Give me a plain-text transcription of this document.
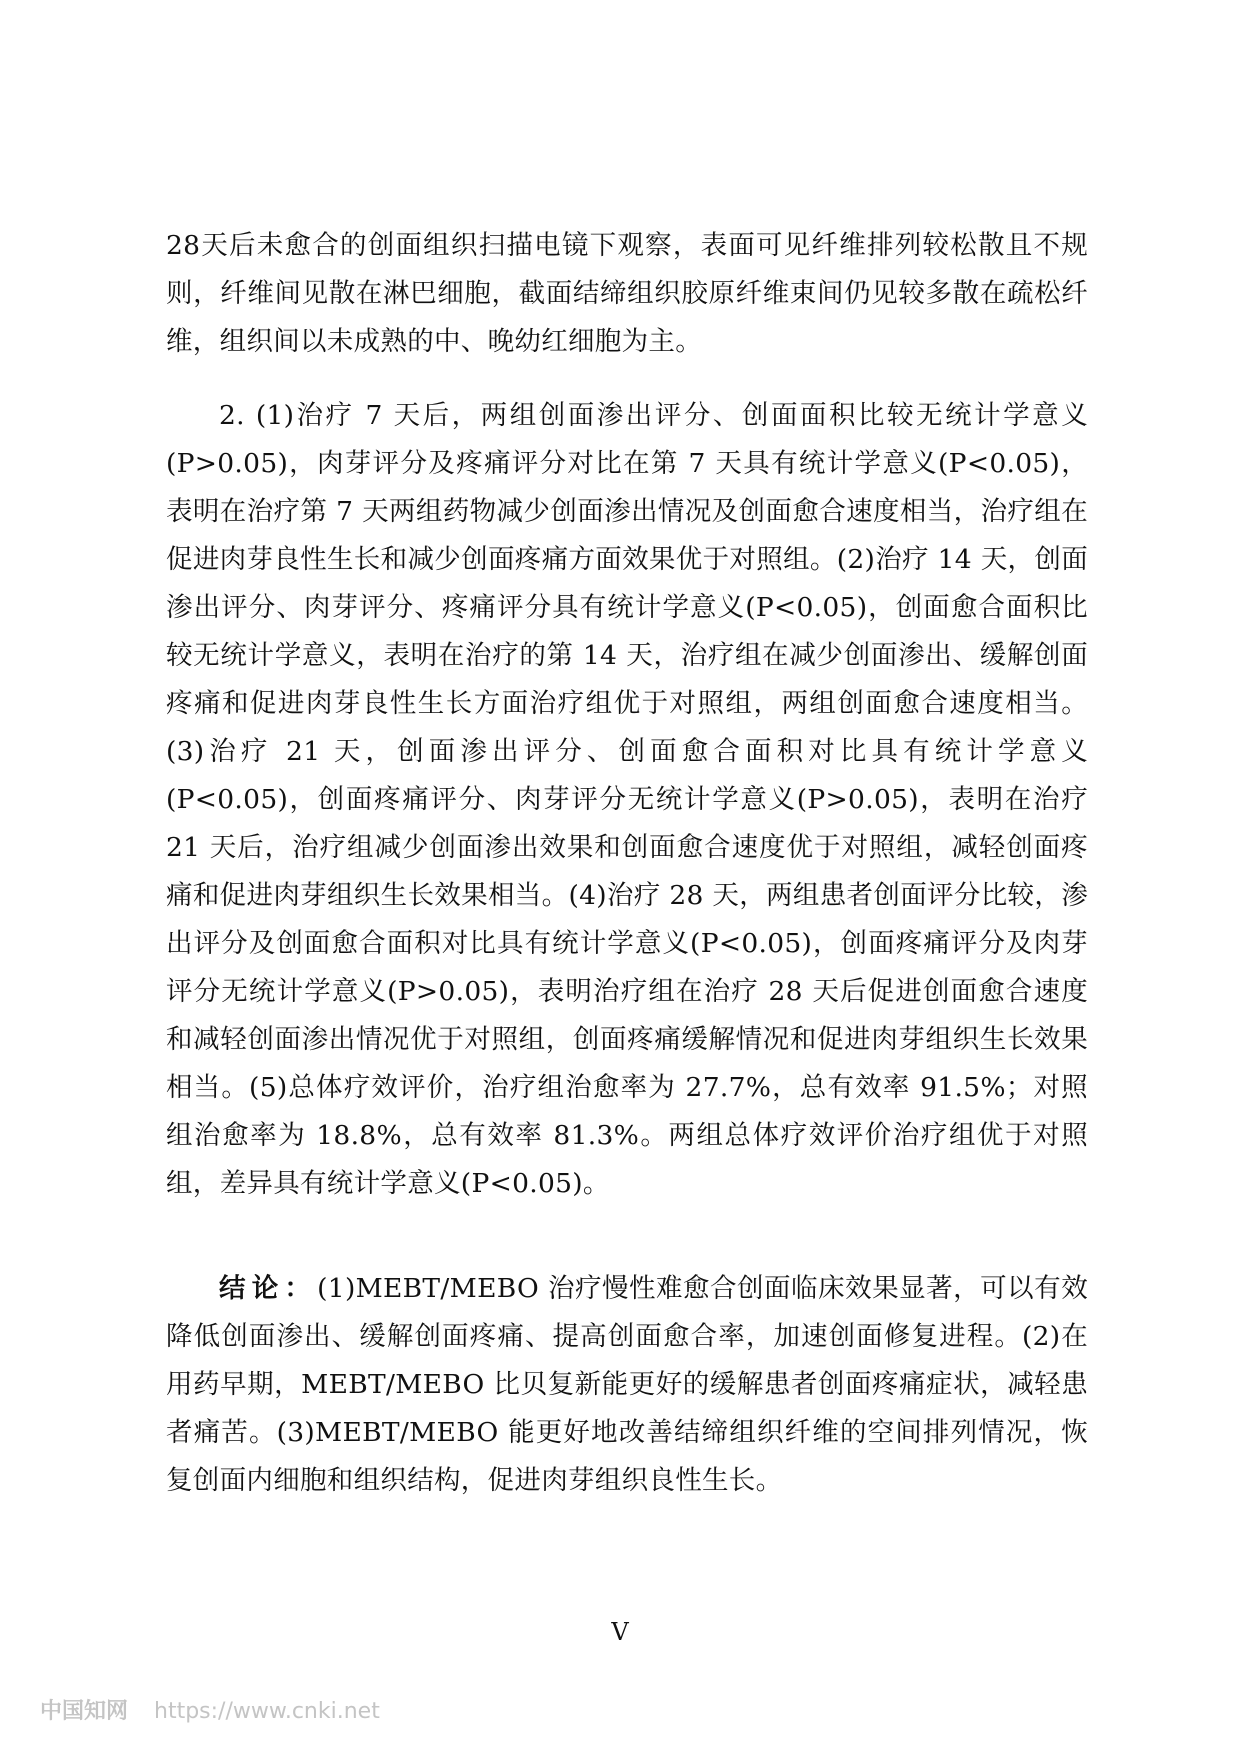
28天后未愈合的创面组织扫描电镜下观察，表面可见纤维排列较松散且不规则，纤维间见散在淋巴细胞，截面结缔组织胶原纤维束间仍见较多散在疏松纤维，组织间以未成熟的中、晚幼红细胞为主。

2. (1)治疗 7 天后，两组创面渗出评分、创面面积比较无统计学意义(P>0.05)，肉芽评分及疼痛评分对比在第 7 天具有统计学意义(P<0.05)，表明在治疗第 7 天两组药物减少创面渗出情况及创面愈合速度相当，治疗组在促进肉芽良性生长和减少创面疼痛方面效果优于对照组。(2)治疗 14 天，创面渗出评分、肉芽评分、疼痛评分具有统计学意义(P<0.05)，创面愈合面积比较无统计学意义，表明在治疗的第 14 天，治疗组在减少创面渗出、缓解创面疼痛和促进肉芽良性生长方面治疗组优于对照组，两组创面愈合速度相当。(3)治疗 21 天，创面渗出评分、创面愈合面积对比具有统计学意义(P<0.05)，创面疼痛评分、肉芽评分无统计学意义(P>0.05)，表明在治疗 21 天后，治疗组减少创面渗出效果和创面愈合速度优于对照组，减轻创面疼痛和促进肉芽组织生长效果相当。(4)治疗 28 天，两组患者创面评分比较，渗出评分及创面愈合面积对比具有统计学意义(P<0.05)，创面疼痛评分及肉芽评分无统计学意义(P>0.05)，表明治疗组在治疗 28 天后促进创面愈合速度和减轻创面渗出情况优于对照组，创面疼痛缓解情况和促进肉芽组织生长效果相当。(5)总体疗效评价，治疗组治愈率为 27.7%，总有效率 91.5%；对照组治愈率为 18.8%，总有效率 81.3%。两组总体疗效评价治疗组优于对照组，差异具有统计学意义(P<0.05)。

结论：(1)MEBT/MEBO 治疗慢性难愈合创面临床效果显著，可以有效降低创面渗出、缓解创面疼痛、提高创面愈合率，加速创面修复进程。(2)在用药早期，MEBT/MEBO 比贝复新能更好的缓解患者创面疼痛症状，减轻患者痛苦。(3)MEBT/MEBO 能更好地改善结缔组织纤维的空间排列情况，恢复创面内细胞和组织结构，促进肉芽组织良性生长。

V
中国知网 https://www.cnki.net
